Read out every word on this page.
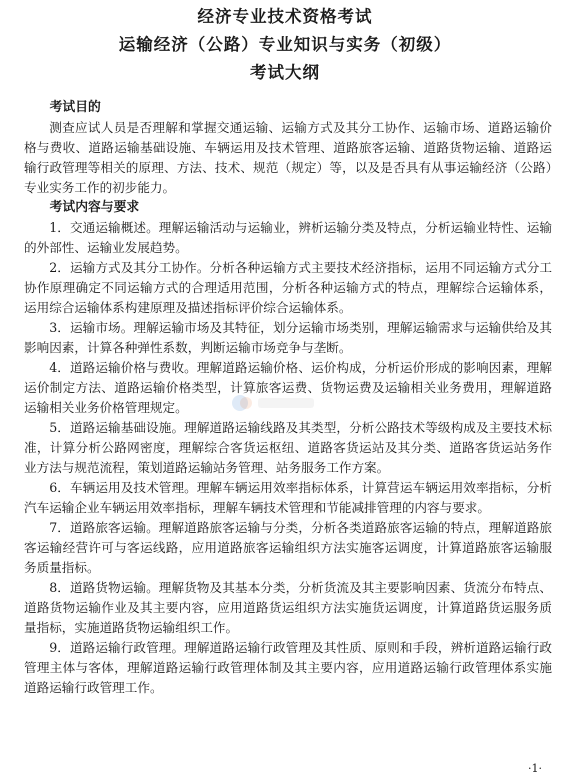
经济专业技术资格考试
运输经济（公路）专业知识与实务（初级）
考试大纲

考试目的

测查应试人员是否理解和掌握交通运输、运输方式及其分工协作、运输市场、道路运输价格与费收、道路运输基础设施、车辆运用及技术管理、道路旅客运输、道路货物运输、道路运输行政管理等相关的原理、方法、技术、规范（规定）等，以及是否具有从事运输经济（公路）专业实务工作的初步能力。

考试内容与要求

1．交通运输概述。理解运输活动与运输业，辨析运输分类及特点，分析运输业特性、运输的外部性、运输业发展趋势。

2．运输方式及其分工协作。分析各种运输方式主要技术经济指标，运用不同运输方式分工协作原理确定不同运输方式的合理适用范围，分析各种运输方式的特点，理解综合运输体系，运用综合运输体系构建原理及描述指标评价综合运输体系。

3．运输市场。理解运输市场及其特征，划分运输市场类别，理解运输需求与运输供给及其影响因素，计算各种弹性系数，判断运输市场竞争与垄断。

4．道路运输价格与费收。理解道路运输价格、运价构成，分析运价形成的影响因素，理解运价制定方法、道路运输价格类型，计算旅客运费、货物运费及运输相关业务费用，理解道路运输相关业务价格管理规定。

5．道路运输基础设施。理解道路运输线路及其类型，分析公路技术等级构成及主要技术标准，计算分析公路网密度，理解综合客货运枢纽、道路客货运站及其分类、道路客货运站务作业方法与规范流程，策划道路运输站务管理、站务服务工作方案。

6．车辆运用及技术管理。理解车辆运用效率指标体系，计算营运车辆运用效率指标，分析汽车运输企业车辆运用效率指标，理解车辆技术管理和节能减排管理的内容与要求。

7．道路旅客运输。理解道路旅客运输与分类，分析各类道路旅客运输的特点，理解道路旅客运输经营许可与客运线路，应用道路旅客运输组织方法实施客运调度，计算道路旅客运输服务质量指标。

8．道路货物运输。理解货物及其基本分类，分析货流及其主要影响因素、货流分布特点、道路货物运输作业及其主要内容，应用道路货运组织方法实施货运调度，计算道路货运服务质量指标，实施道路货物运输组织工作。

9．道路运输行政管理。理解道路运输行政管理及其性质、原则和手段，辨析道路运输行政管理主体与客体，理解道路运输行政管理体制及其主要内容，应用道路运输行政管理体系实施道路运输行政管理工作。

·1·
